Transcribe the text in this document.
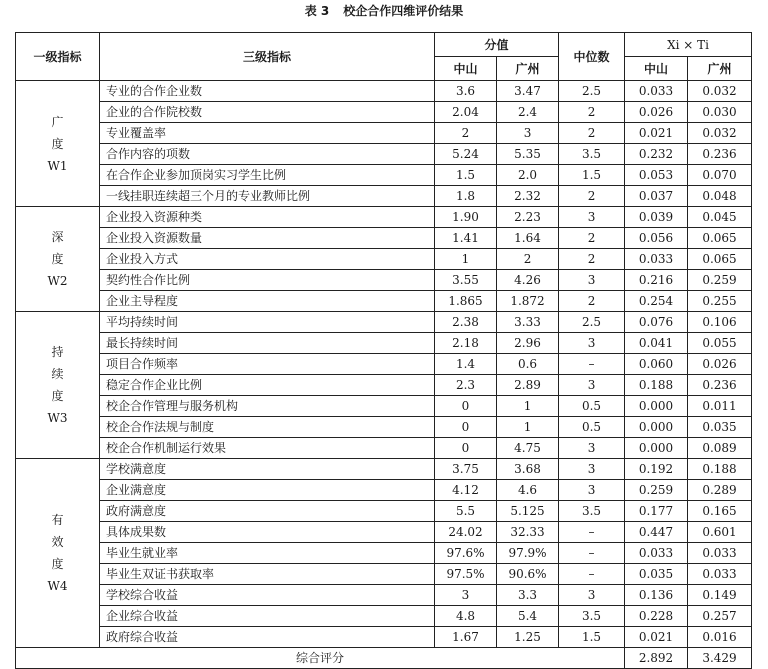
表 3 校企合作四维评价结果
一级指标	三级指标	分值		中位数	Xi × Ti	
		中山	广州		中山	广州
广
度
W1	专业的合作企业数	3.6	3.47	2.5	0.033	0.032
	企业的合作院校数	2.04	2.4	2	0.026	0.030
	专业覆盖率	2	3	2	0.021	0.032
	合作内容的项数	5.24	5.35	3.5	0.232	0.236
	在合作企业参加顶岗实习学生比例	1.5	2.0	1.5	0.053	0.070
	一线挂职连续超三个月的专业教师比例	1.8	2.32	2	0.037	0.048
深
度
W2	企业投入资源种类	1.90	2.23	3	0.039	0.045
	企业投入资源数量	1.41	1.64	2	0.056	0.065
	企业投入方式	1	2	2	0.033	0.065
	契约性合作比例	3.55	4.26	3	0.216	0.259
	企业主导程度	1.865	1.872	2	0.254	0.255
持
续
度
W3	平均持续时间	2.38	3.33	2.5	0.076	0.106
	最长持续时间	2.18	2.96	3	0.041	0.055
	项目合作频率	1.4	0.6	–	0.060	0.026
	稳定合作企业比例	2.3	2.89	3	0.188	0.236
	校企合作管理与服务机构	0	1	0.5	0.000	0.011
	校企合作法规与制度	0	1	0.5	0.000	0.035
	校企合作机制运行效果	0	4.75	3	0.000	0.089
有
效
度
W4	学校满意度	3.75	3.68	3	0.192	0.188
	企业满意度	4.12	4.6	3	0.259	0.289
	政府满意度	5.5	5.125	3.5	0.177	0.165
	具体成果数	24.02	32.33	–	0.447	0.601
	毕业生就业率	97.6%	97.9%	–	0.033	0.033
	毕业生双证书获取率	97.5%	90.6%	–	0.035	0.033
	学校综合收益	3	3.3	3	0.136	0.149
	企业综合收益	4.8	5.4	3.5	0.228	0.257
	政府综合收益	1.67	1.25	1.5	0.021	0.016
综合评分					2.892	3.429
